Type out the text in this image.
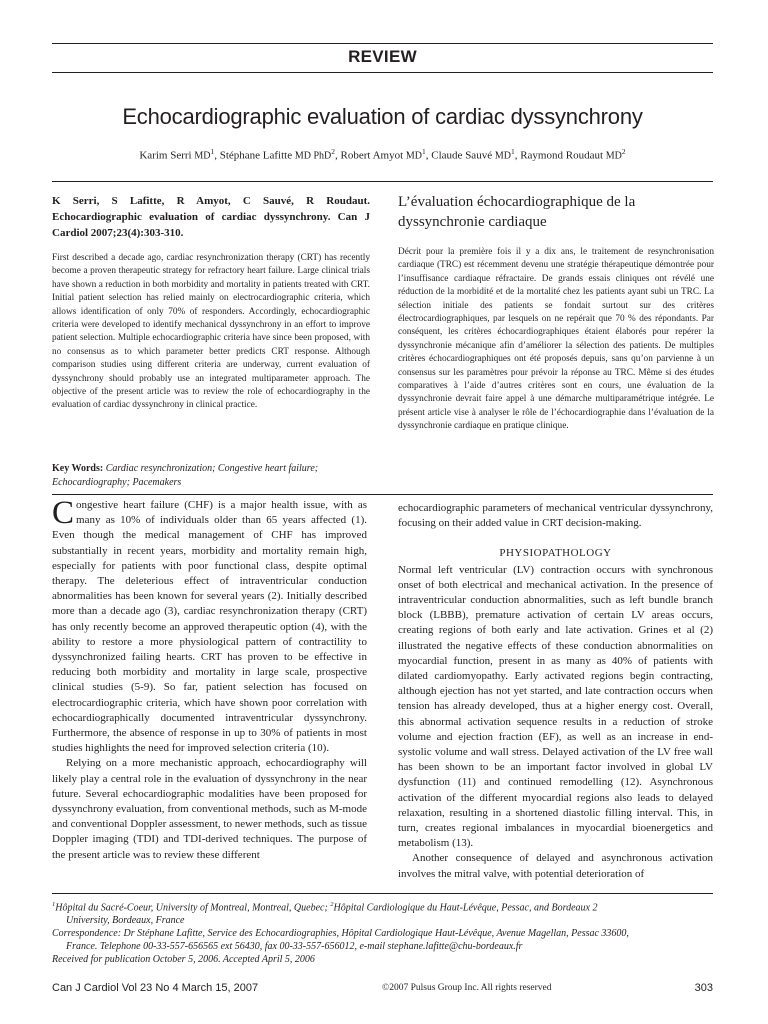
REVIEW
Echocardiographic evaluation of cardiac dyssynchrony
Karim Serri $MD^1$, Stéphane Lafitte MD PhD$^2$, Robert Amyot $MD^1$, Claude Sauvé $MD^1$, Raymond Roudaut $MD^2$
K Serri, S Lafitte, R Amyot, C Sauvé, R Roudaut. Echocardiographic evaluation of cardiac dyssynchrony. Can J Cardiol 2007;23(4):303-310.

First described a decade ago, cardiac resynchronization therapy (CRT) has recently become a proven therapeutic strategy for refractory heart failure. Large clinical trials have shown a reduction in both morbidity and mortality in patients treated with CRT. Initial patient selection has relied mainly on electrocardiographic criteria, which allows identification of only 70% of responders. Accordingly, echocardiographic criteria were developed to identify mechanical dyssynchrony in an effort to improve patient selection. Multiple echocardiographic criteria have since been proposed, with no consensus as to which parameter better predicts CRT response. Although comparison studies using different criteria are underway, current evaluation of dyssynchrony should probably use an integrated multiparameter approach. The objective of the present article was to review the role of echocardiography in the evaluation of cardiac dyssynchrony in clinical practice.

Key Words: Cardiac resynchronization; Congestive heart failure; Echocardiography; Pacemakers
L’évaluation échocardiographique de la dyssynchronie cardiaque

Décrit pour la première fois il y a dix ans, le traitement de resynchronisation cardiaque (TRC) est récemment devenu une stratégie thérapeutique démontrée pour l’insuffisance cardiaque réfractaire. De grands essais cliniques ont révélé une réduction de la morbidité et de la mortalité chez les patients ayant subi un TRC. La sélection initiale des patients se fondait surtout sur des critères électrocardiographiques, par lesquels on ne repérait que 70 % des répondants. Par conséquent, les critères échocardiographiques étaient élaborés pour repérer la dyssynchronie mécanique afin d’améliorer la sélection des patients. De multiples critères échocardiographiques ont été proposés depuis, sans qu’on parvienne à un consensus sur les paramètres pour prévoir la réponse au TRC. Même si des études comparatives à l’aide d’autres critères sont en cours, une évaluation de la dyssynchronie devrait faire appel à une démarche multiparamétrique intégrée. Le présent article vise à analyser le rôle de l’échocardiographie dans l’évaluation de la dyssynchronie cardiaque en pratique clinique.

Congestive heart failure (CHF) is a major health issue, with as many as 10% of individuals older than 65 years affected (1). Even though the medical management of CHF has improved substantially in recent years, morbidity and mortality remain high, especially for patients with poor functional class, despite optimal therapy. The deleterious effect of intraventricular conduction abnormalities has been known for several years (2). Initially described more than a decade ago (3), cardiac resynchronization therapy (CRT) has only recently become an approved therapeutic option (4), with the ability to restore a more physiological pattern of contractility to dyssynchronized failing hearts. CRT has proven to be effective in reducing both morbidity and mortality in large scale, prospective clinical studies (5-9). So far, patient selection has focused on electrocardiographic criteria, which have shown poor correlation with echocardiographically documented intraventricular dyssynchrony. Furthermore, the absence of response in up to 30% of patients in most studies highlights the need for improved selection criteria (10).

Relying on a more mechanistic approach, echocardiography will likely play a central role in the evaluation of dyssynchrony in the near future. Several echocardiographic modalities have been proposed for dyssynchrony evaluation, from conventional methods, such as M-mode and conventional Doppler assessment, to newer methods, such as tissue Doppler imaging (TDI) and TDI-derived techniques. The purpose of the present article was to review these different

echocardiographic parameters of mechanical ventricular dyssynchrony, focusing on their added value in CRT decision-making.

PHYSIOPATHOLOGY

Normal left ventricular (LV) contraction occurs with synchronous onset of both electrical and mechanical activation. In the presence of intraventricular conduction abnormalities, such as left bundle branch block (LBBB), premature activation of certain LV areas occurs, creating regions of both early and late activation. Grines et al (2) illustrated the negative effects of these conduction abnormalities on myocardial function, present in as many as 40% of patients with dilated cardiomyopathy. Early activated regions begin contracting, although ejection has not yet started, and late contraction occurs when tension has already developed, thus at a higher energy cost. Overall, this abnormal activation sequence results in a reduction of stroke volume and ejection fraction (EF), as well as an increase in end-systolic volume and wall stress. Delayed activation of the LV free wall has been shown to be an important factor involved in global LV dysfunction (11) and continued remodelling (12). Asynchronous activation of the different myocardial regions also leads to delayed relaxation, resulting in a shortened diastolic filling interval. This, in turn, creates regional imbalances in myocardial bioenergetics and metabolism (13).

Another consequence of delayed and asynchronous activation involves the mitral valve, with potential deterioration of

$^1$Hôpital du Sacré-Coeur, University of Montreal, Montreal, Quebec; $^2$Hôpital Cardiologique du Haut-Lévêque, Pessac, and Bordeaux 2

University, Bordeaux, France

Correspondence: Dr Stéphane Lafitte, Service des Echocardiographies, Hôpital Cardiologique Haut-Lévêque, Avenue Magellan, Pessac 33600,

France. Telephone 00-33-557-656565 ext 56430, fax 00-33-557-656012, e-mail stephane.lafitte@chu-bordeaux.fr

Received for publication October 5, 2006. Accepted April 5, 2006

Can J Cardiol Vol 23 No 4 March 15, 2007	©2007 Pulsus Group Inc. All rights reserved	303
